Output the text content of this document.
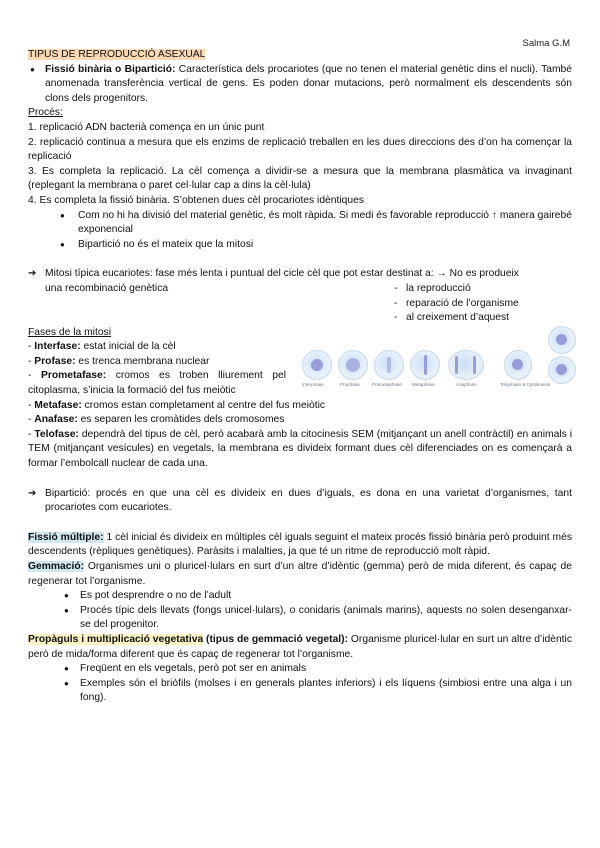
Salma G.M

TIPUS DE REPRODUCCIÓ ASEXUAL

● Fissió binària o Bipartició: Característica dels procariotes (que no tenen el material genètic dins el nucli). També anomenada transferència vertical de gens. Es poden donar mutacions, però normalment els descendents són clons dels progenitors.

Procés:

1. replicació ADN bacterià comença en un únic punt

2. replicació continua a mesura que els enzims de replicació treballen en les dues direccions des d’on ha començar la replicació

3. Es completa la replicació. La cèl comença a dividir-se a mesura que la membrana plasmàtica va invaginant (replegant la membrana o paret cel·lular cap a dins la cèl·lula)

4. Es completa la fissió binària. S’obtenen dues cèl procariotes idèntiques

● Com no hi ha divisió del material genètic, és molt ràpida. Si medi és favorable reproducció ↑ manera gairebé exponencial
● Bipartició no és el mateix que la mitosi
➔ Mitosi típica eucariotes: fase més lenta i puntual del cicle cèl que pot estar destinat a: → No es produeix
una recombinació genètica
-	la reproducció
- reparació de l’organisme
- al creixement d’aquest

Fases de la mitosi

- Interfase: estat inicial de la cèl

- Profase: es trenca membrana nuclear

- Prometafase: cromos es troben lliurement pel citoplasma, s’inicia la formació del fus meiòtic

- Metafase: cromos estan completament al centre del fus meiòtic

- Anafase: es separen les cromàtides dels cromosomes

- Telofase: dependrà del tipus de cèl, però acabarà amb la citocinesis SEM (mitjançant un anell contràctil) en animals i TEM (mitjançant vesícules) en vegetals, la membrana es divideix formant dues cèl diferenciades on es començarà a formar l’embolcall nuclear de cada una.

Interphase	Prophase	Prometaphase Metaphase	Anaphase	Telophase & Cytokinesis
➔ Bipartició: procés en que una cèl es divideix en dues d’iguals, es dona en una varietat d’organismes, tant procariotes com eucariotes.

Fissió múltiple: 1 cèl inicial és divideix en múltiples cèl iguals seguint el mateix procés fissió binària però produint més descendents (rèpliques genètiques). Paràsits i malalties, ja que té un ritme de reproducció molt ràpid.

Gemmació: Organismes uni o pluricel·lulars en surt d’un altre d’idèntic (gemma) però de mida diferent, és capaç de regenerar tot l’organisme.

● Es pot desprendre o no de l’adult
● Procés típic dels llevats (fongs unicel·lulars), o conidaris (animals marins), aquests no solen desenganxar-se del progenitor.

Propàguls i multiplicació vegetativa (tipus de gemmació vegetal): Organisme pluricel·lular en surt un altre d’idèntic però de mida/forma diferent que és capaç de regenerar tot l’organisme.

● Freqüent en els vegetals, però pot ser en animals
● Exemples són el briòfils (molses i en generals plantes inferiors) i els líquens (simbiosi entre una alga i un fong).
